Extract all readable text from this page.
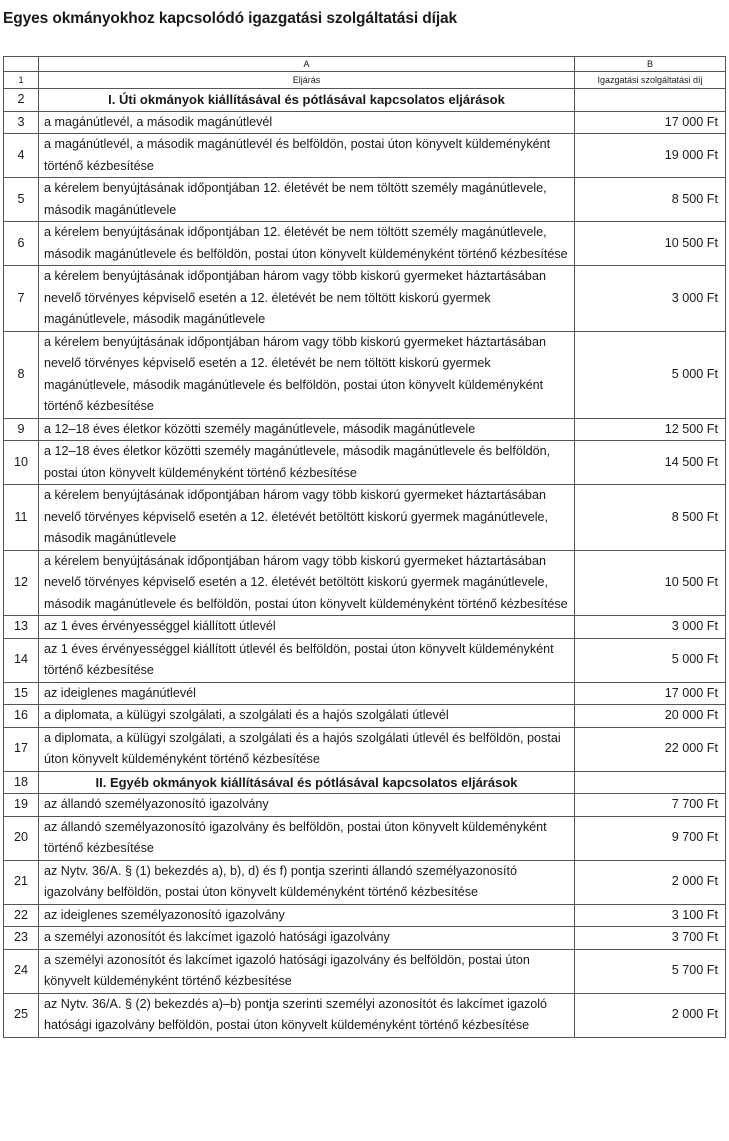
Egyes okmányokhoz kapcsolódó igazgatási szolgáltatási díjak
	A	B
1	Eljárás	Igazgatási szolgáltatási díj
2	I. Úti okmányok kiállításával és pótlásával kapcsolatos eljárások	
3	a magánútlevél, a második magánútlevél	17 000 Ft
4	a magánútlevél, a második magánútlevél és belföldön, postai úton könyvelt küldeményként történő kézbesítése	19 000 Ft
5	a kérelem benyújtásának időpontjában 12. életévét be nem töltött személy magánútlevele, második magánútlevele	8 500 Ft
6	a kérelem benyújtásának időpontjában 12. életévét be nem töltött személy magánútlevele, második magánútlevele és belföldön, postai úton könyvelt küldeményként történő kézbesítése	10 500 Ft
7	a kérelem benyújtásának időpontjában három vagy több kiskorú gyermeket háztartásában nevelő törvényes képviselő esetén a 12. életévét be nem töltött kiskorú gyermek magánútlevele, második magánútlevele	3 000 Ft
8	a kérelem benyújtásának időpontjában három vagy több kiskorú gyermeket háztartásában nevelő törvényes képviselő esetén a 12. életévét be nem töltött kiskorú gyermek magánútlevele, második magánútlevele és belföldön, postai úton könyvelt küldeményként történő kézbesítése	5 000 Ft
9	a 12–18 éves életkor közötti személy magánútlevele, második magánútlevele	12 500 Ft
10	a 12–18 éves életkor közötti személy magánútlevele, második magánútlevele és belföldön, postai úton könyvelt küldeményként történő kézbesítése	14 500 Ft
11	a kérelem benyújtásának időpontjában három vagy több kiskorú gyermeket háztartásában nevelő törvényes képviselő esetén a 12. életévét betöltött kiskorú gyermek magánútlevele, második magánútlevele	8 500 Ft
12	a kérelem benyújtásának időpontjában három vagy több kiskorú gyermeket háztartásában nevelő törvényes képviselő esetén a 12. életévét betöltött kiskorú gyermek magánútlevele, második magánútlevele és belföldön, postai úton könyvelt küldeményként történő kézbesítése	10 500 Ft
13	az 1 éves érvényességgel kiállított útlevél	3 000 Ft
14	az 1 éves érvényességgel kiállított útlevél és belföldön, postai úton könyvelt küldeményként történő kézbesítése	5 000 Ft
15	az ideiglenes magánútlevél	17 000 Ft
16	a diplomata, a külügyi szolgálati, a szolgálati és a hajós szolgálati útlevél	20 000 Ft
17	a diplomata, a külügyi szolgálati, a szolgálati és a hajós szolgálati útlevél és belföldön, postai úton könyvelt küldeményként történő kézbesítése	22 000 Ft
18	II. Egyéb okmányok kiállításával és pótlásával kapcsolatos eljárások	
19	az állandó személyazonosító igazolvány	7 700 Ft
20	az állandó személyazonosító igazolvány és belföldön, postai úton könyvelt küldeményként történő kézbesítése	9 700 Ft
21	az Nytv. 36/A. § (1) bekezdés a), b), d) és f) pontja szerinti állandó személyazonosító igazolvány belföldön, postai úton könyvelt küldeményként történő kézbesítése	2 000 Ft
22	az ideiglenes személyazonosító igazolvány	3 100 Ft
23	a személyi azonosítót és lakcímet igazoló hatósági igazolvány	3 700 Ft
24	a személyi azonosítót és lakcímet igazoló hatósági igazolvány és belföldön, postai úton könyvelt küldeményként történő kézbesítése	5 700 Ft
25	az Nytv. 36/A. § (2) bekezdés a)–b) pontja szerinti személyi azonosítót és lakcímet igazoló hatósági igazolvány belföldön, postai úton könyvelt küldeményként történő kézbesítése	2 000 Ft
